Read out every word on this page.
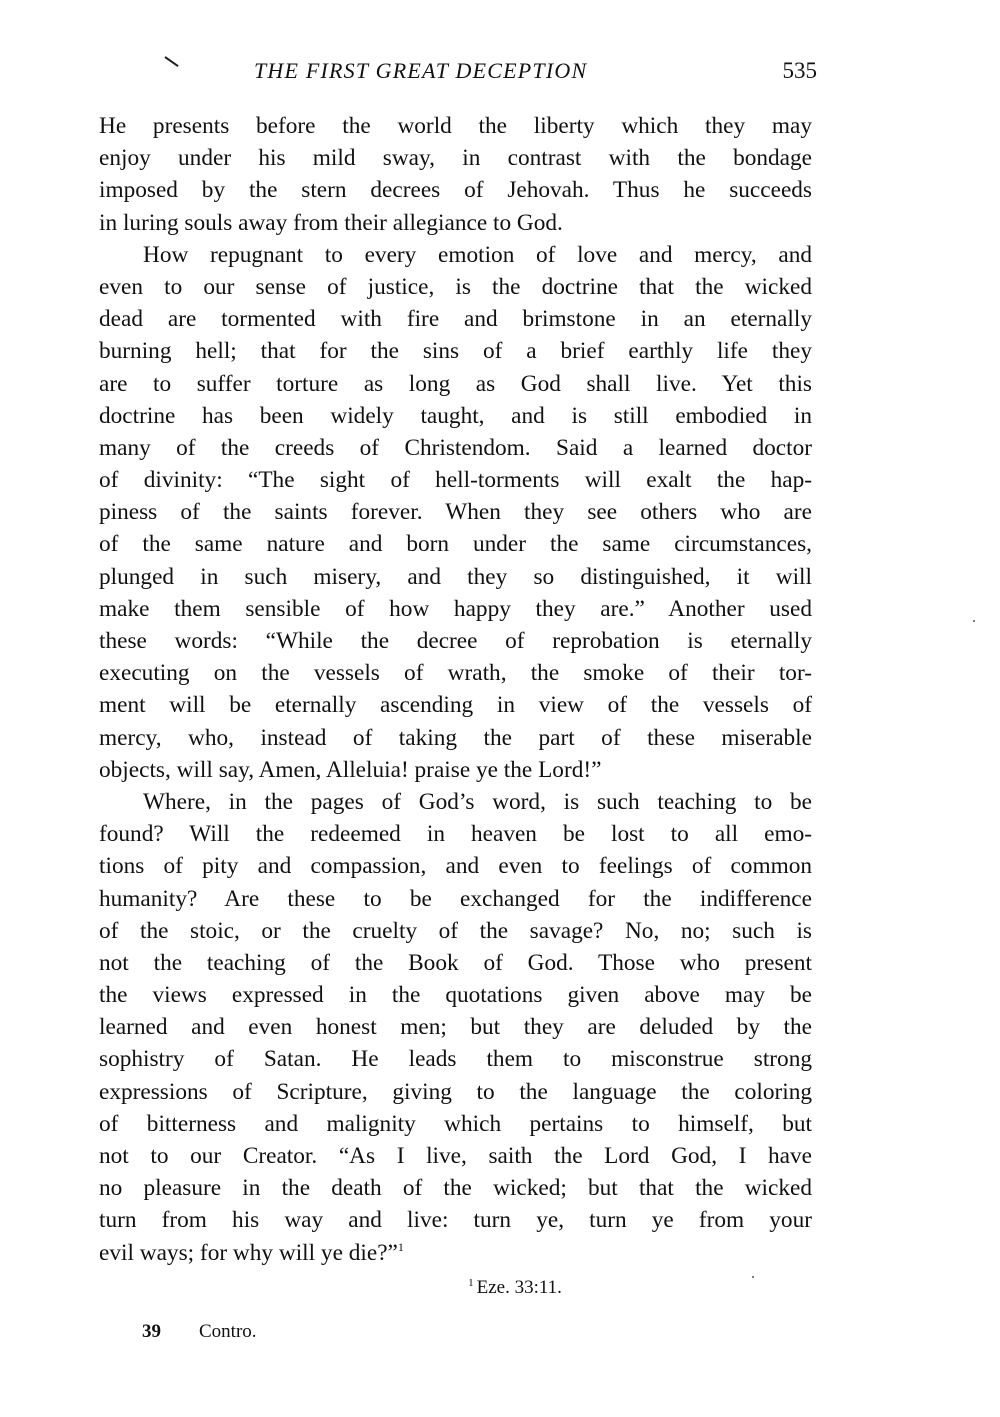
THE FIRST GREAT DECEPTION	535
He presents before the world the liberty which they may
enjoy under his mild sway, in contrast with the bondage
imposed by the stern decrees of Jehovah. Thus he succeeds
in luring souls away from their allegiance to God.
How repugnant to every emotion of love and mercy, and
even to our sense of justice, is the doctrine that the wicked
dead are tormented with fire and brimstone in an eternally
burning hell; that for the sins of a brief earthly life they
are to suffer torture as long as God shall live. Yet this
doctrine has been widely taught, and is still embodied in
many of the creeds of Christendom. Said a learned doctor
of divinity: “The sight of hell-torments will exalt the hap-
piness of the saints forever. When they see others who are
of the same nature and born under the same circumstances,
plunged in such misery, and they so distinguished, it will
make them sensible of how happy they are.” Another used
these words: “While the decree of reprobation is eternally
executing on the vessels of wrath, the smoke of their tor-
ment will be eternally ascending in view of the vessels of
mercy, who, instead of taking the part of these miserable
objects, will say, Amen, Alleluia! praise ye the Lord!”
Where, in the pages of God’s word, is such teaching to be
found? Will the redeemed in heaven be lost to all emo-
tions of pity and compassion, and even to feelings of common
humanity? Are these to be exchanged for the indifference
of the stoic, or the cruelty of the savage? No, no; such is
not the teaching of the Book of God. Those who present
the views expressed in the quotations given above may be
learned and even honest men; but they are deluded by the
sophistry of Satan. He leads them to misconstrue strong
expressions of Scripture, giving to the language the coloring
of bitterness and malignity which pertains to himself, but
not to our Creator. “As I live, saith the Lord God, I have
no pleasure in the death of the wicked; but that the wicked
turn from his way and live: turn ye, turn ye from your
evil ways; for why will ye die?”$^1$
$^1$ Eze. 33:11.
39 Contro.
